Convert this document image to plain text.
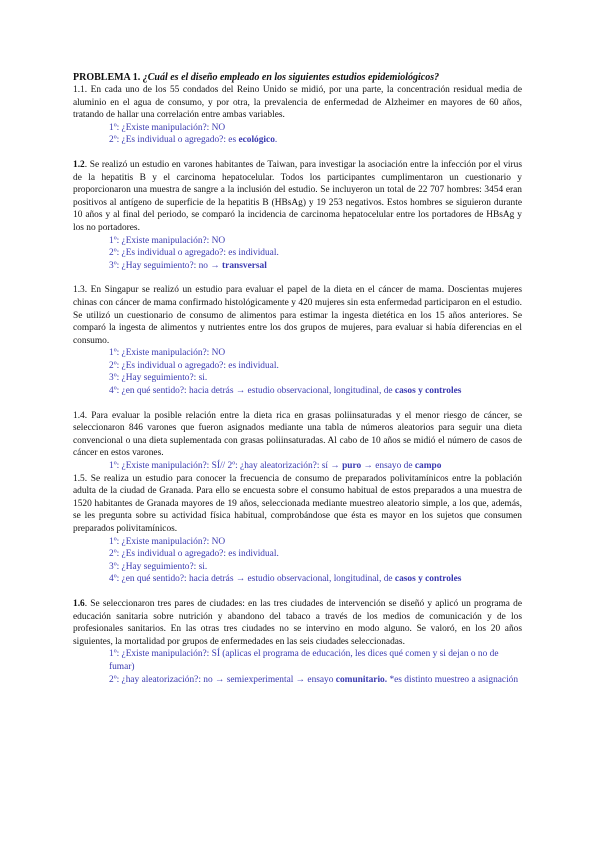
PROBLEMA 1. ¿Cuál es el diseño empleado en los siguientes estudios epidemiológicos?

1.1. En cada uno de los 55 condados del Reino Unido se midió, por una parte, la concentración residual media de aluminio en el agua de consumo, y por otra, la prevalencia de enfermedad de Alzheimer en mayores de 60 años, tratando de hallar una correlación entre ambas variables.

1º: ¿Existe manipulación?: NO

2º: ¿Es individual o agregado?: es ecológico.

1.2. Se realizó un estudio en varones habitantes de Taiwan, para investigar la asociación entre la infección por el virus de la hepatitis B y el carcinoma hepatocelular. Todos los participantes cumplimentaron un cuestionario y proporcionaron una muestra de sangre a la inclusión del estudio. Se incluyeron un total de 22 707 hombres: 3454 eran positivos al antígeno de superficie de la hepatitis B (HBsAg) y 19 253 negativos. Estos hombres se siguieron durante 10 años y al final del periodo, se comparó la incidencia de carcinoma hepatocelular entre los portadores de HBsAg y los no portadores.

1º: ¿Existe manipulación?: NO

2º: ¿Es individual o agregado?: es individual.

3º: ¿Hay seguimiento?: no → transversal

1.3. En Singapur se realizó un estudio para evaluar el papel de la dieta en el cáncer de mama. Doscientas mujeres chinas con cáncer de mama confirmado histológicamente y 420 mujeres sin esta enfermedad participaron en el estudio. Se utilizó un cuestionario de consumo de alimentos para estimar la ingesta dietética en los 15 años anteriores. Se comparó la ingesta de alimentos y nutrientes entre los dos grupos de mujeres, para evaluar si había diferencias en el consumo.

1º: ¿Existe manipulación?: NO

2º: ¿Es individual o agregado?: es individual.

3º: ¿Hay seguimiento?: si.

4º: ¿en qué sentido?: hacia detrás → estudio observacional, longitudinal, de casos y controles

1.4. Para evaluar la posible relación entre la dieta rica en grasas poliinsaturadas y el menor riesgo de cáncer, se seleccionaron 846 varones que fueron asignados mediante una tabla de números aleatorios para seguir una dieta convencional o una dieta suplementada con grasas poliinsaturadas. Al cabo de 10 años se midió el número de casos de cáncer en estos varones.

1º: ¿Existe manipulación?: SÍ// 2º: ¿hay aleatorización?: sí → puro → ensayo de campo

1.5. Se realiza un estudio para conocer la frecuencia de consumo de preparados polivitamínicos entre la población adulta de la ciudad de Granada. Para ello se encuesta sobre el consumo habitual de estos preparados a una muestra de 1520 habitantes de Granada mayores de 19 años, seleccionada mediante muestreo aleatorio simple, a los que, además, se les pregunta sobre su actividad física habitual, comprobándose que ésta es mayor en los sujetos que consumen preparados polivitamínicos.

1º: ¿Existe manipulación?: NO

2º: ¿Es individual o agregado?: es individual.

3º: ¿Hay seguimiento?: si.

4º: ¿en qué sentido?: hacia detrás → estudio observacional, longitudinal, de casos y controles

1.6. Se seleccionaron tres pares de ciudades: en las tres ciudades de intervención se diseñó y aplicó un programa de educación sanitaria sobre nutrición y abandono del tabaco a través de los medios de comunicación y de los profesionales sanitarios. En las otras tres ciudades no se intervino en modo alguno. Se valoró, en los 20 años siguientes, la mortalidad por grupos de enfermedades en las seis ciudades seleccionadas.

1º: ¿Existe manipulación?: SÍ (aplicas el programa de educación, les dices qué comen y si dejan o no de fumar)

2º: ¿hay aleatorización?: no → semiexperimental → ensayo comunitario. *es distinto muestreo a asignación
